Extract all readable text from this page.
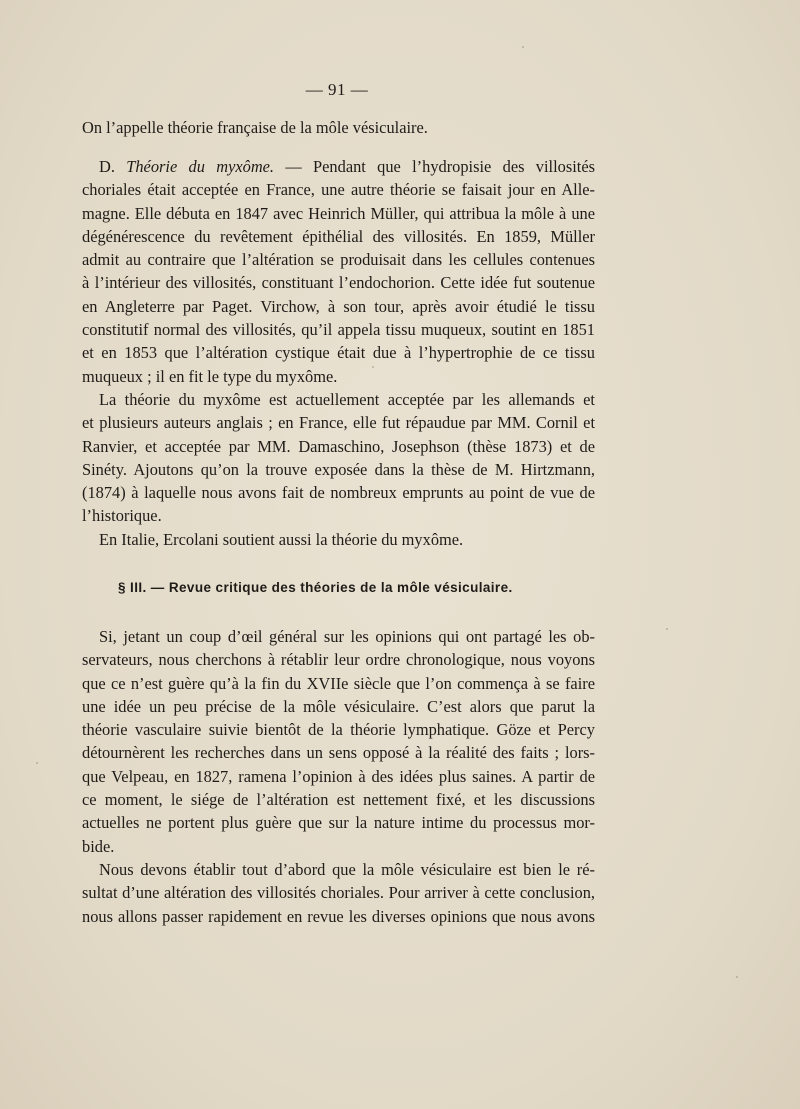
— 91 —
On l’appelle théorie française de la môle vésiculaire.
D. Théorie du myxôme. — Pendant que l’hydropisie des villosités
choriales était acceptée en France, une autre théorie se faisait jour en Alle-
magne. Elle débuta en 1847 avec Heinrich Müller, qui attribua la môle à une
dégénérescence du revêtement épithélial des villosités. En 1859, Müller
admit au contraire que l’altération se produisait dans les cellules contenues
à l’intérieur des villosités, constituant l’endochorion. Cette idée fut soutenue
en Angleterre par Paget. Virchow, à son tour, après avoir étudié le tissu
constitutif normal des villosités, qu’il appela tissu muqueux, soutint en 1851
et en 1853 que l’altération cystique était due à l’hypertrophie de ce tissu
muqueux ; il en fit le type du myxôme.
La théorie du myxôme est actuellement acceptée par les allemands et
et plusieurs auteurs anglais ; en France, elle fut répaudue par MM. Cornil et
Ranvier, et acceptée par MM. Damaschino, Josephson (thèse 1873) et de
Sinéty. Ajoutons qu’on la trouve exposée dans la thèse de M. Hirtzmann,
(1874) à laquelle nous avons fait de nombreux emprunts au point de vue de
l’historique.
En Italie, Ercolani soutient aussi la théorie du myxôme.
§ III. — Revue critique des théories de la môle vésiculaire.
Si, jetant un coup d’œil général sur les opinions qui ont partagé les ob-
servateurs, nous cherchons à rétablir leur ordre chronologique, nous voyons
que ce n’est guère qu’à la fin du XVIIe siècle que l’on commença à se faire
une idée un peu précise de la môle vésiculaire. C’est alors que parut la
théorie vasculaire suivie bientôt de la théorie lymphatique. Göze et Percy
détournèrent les recherches dans un sens opposé à la réalité des faits ; lors-
que Velpeau, en 1827, ramena l’opinion à des idées plus saines. A partir de
ce moment, le siége de l’altération est nettement fixé, et les discussions
actuelles ne portent plus guère que sur la nature intime du processus mor-
bide.
Nous devons établir tout d’abord que la môle vésiculaire est bien le ré-
sultat d’une altération des villosités choriales. Pour arriver à cette conclusion,
nous allons passer rapidement en revue les diverses opinions que nous avons
